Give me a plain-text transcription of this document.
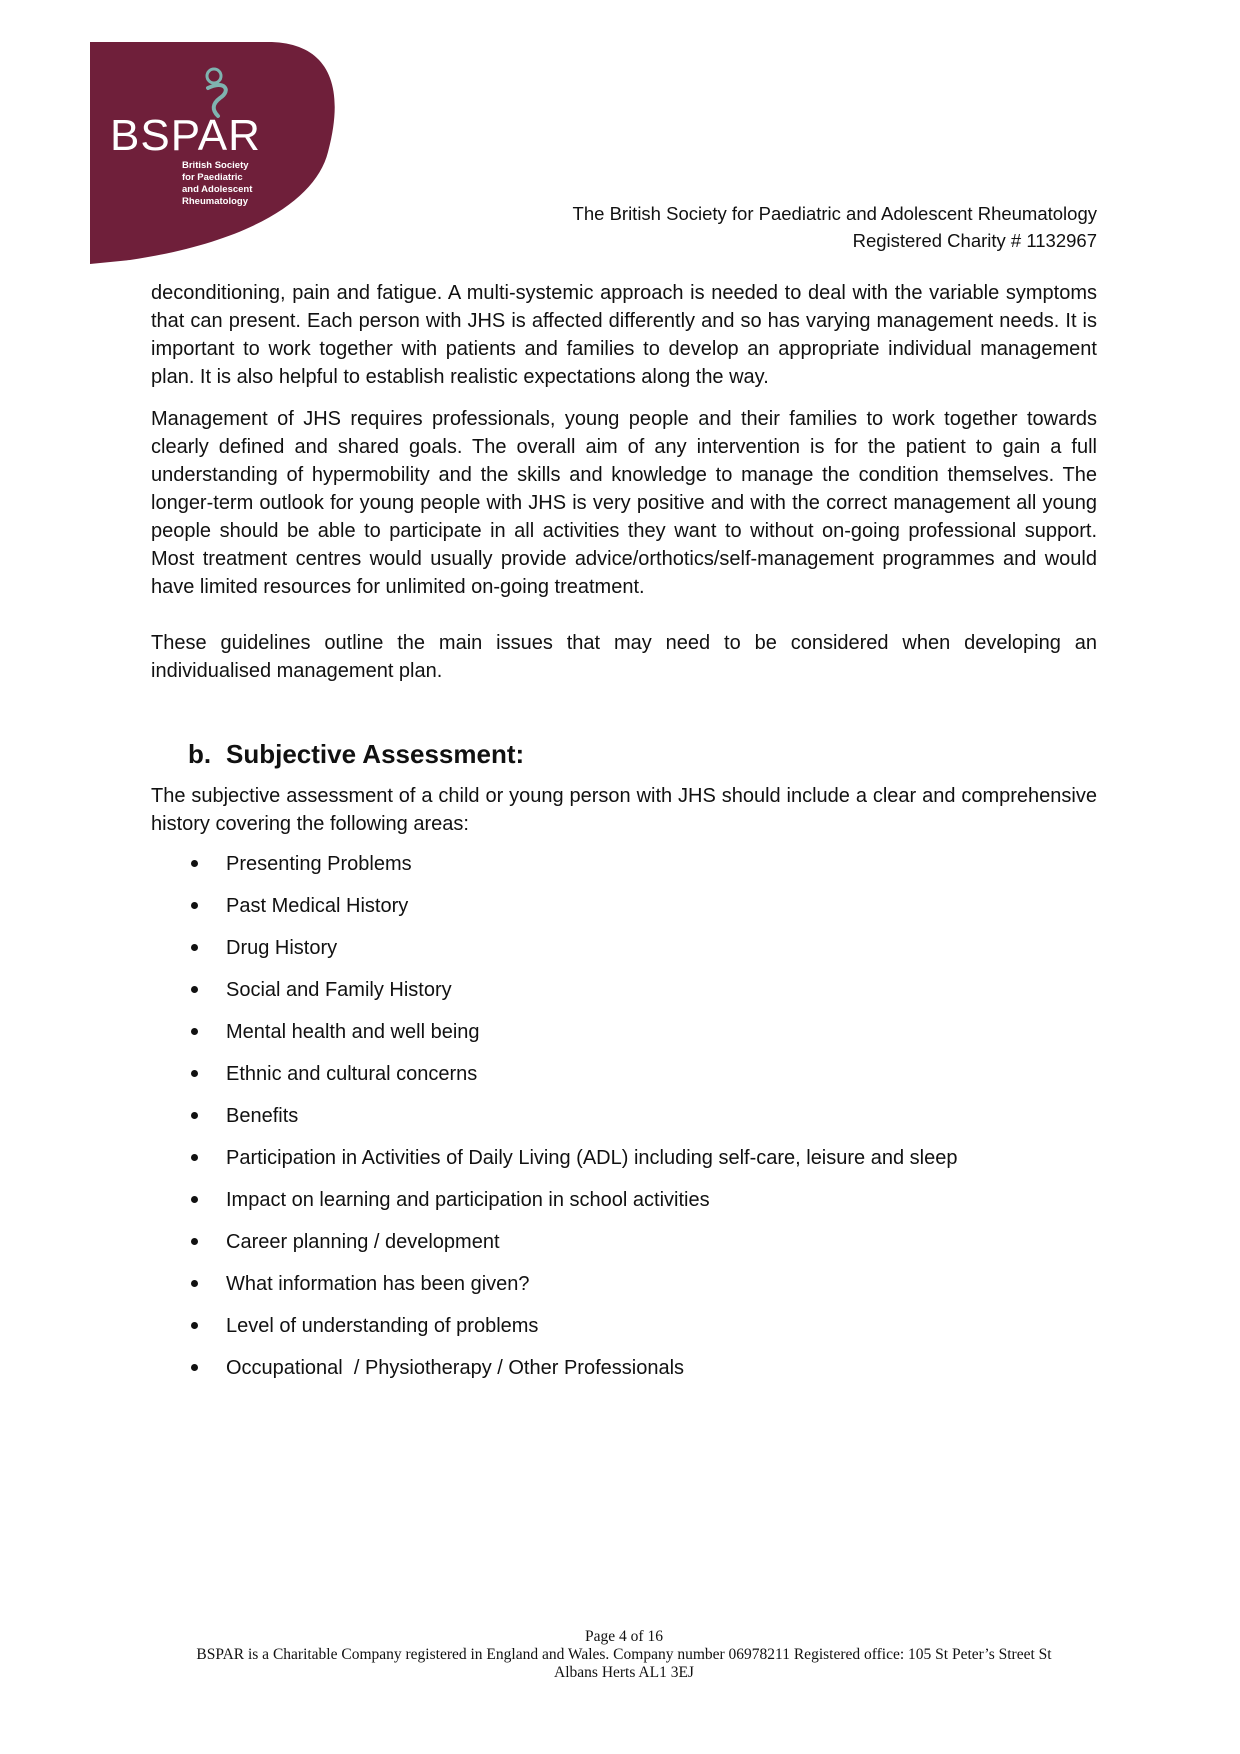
BSPAR
British Society for Paediatric and Adolescent Rheumatology
The British Society for Paediatric and Adolescent Rheumatology
Registered Charity # 1132967

deconditioning, pain and fatigue. A multi-systemic approach is needed to deal with the variable symptoms that can present. Each person with JHS is affected differently and so has varying management needs. It is important to work together with patients and families to develop an appropriate individual management plan. It is also helpful to establish realistic expectations along the way.

Management of JHS requires professionals, young people and their families to work together towards clearly defined and shared goals. The overall aim of any intervention is for the patient to gain a full understanding of hypermobility and the skills and knowledge to manage the condition themselves. The longer-term outlook for young people with JHS is very positive and with the correct management all young people should be able to participate in all activities they want to without on-going professional support. Most treatment centres would usually provide advice/orthotics/self-management programmes and would have limited resources for unlimited on-going treatment.

These guidelines outline the main issues that may need to be considered when developing an individualised management plan.

b. Subjective Assessment:

The subjective assessment of a child or young person with JHS should include a clear and comprehensive history covering the following areas:

Presenting Problems
Past Medical History
Drug History
Social and Family History
Mental health and well being
Ethnic and cultural concerns
Benefits
Participation in Activities of Daily Living (ADL) including self-care, leisure and sleep
Impact on learning and participation in school activities
Career planning / development
What information has been given?
Level of understanding of problems
Occupational  / Physiotherapy / Other Professionals
Page 4 of 16
BSPAR is a Charitable Company registered in England and Wales. Company number 06978211 Registered office: 105 St Peter’s Street St
Albans Herts AL1 3EJ
